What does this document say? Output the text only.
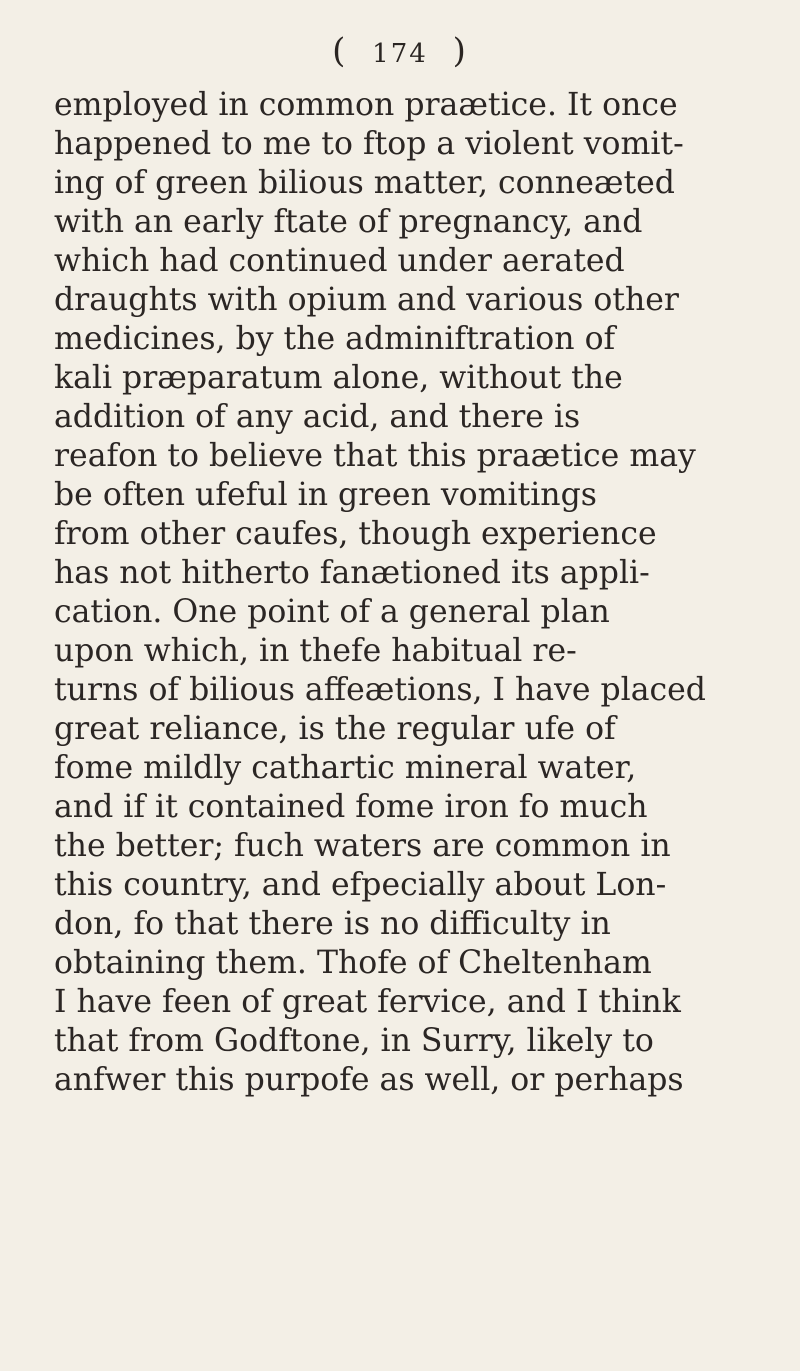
( 174 )
employed in common praætice. It once
happened to me to ftop a violent vomit-
ing of green bilious matter, conneæted
with an early ftate of pregnancy, and
which had continued under aerated
draughts with opium and various other
medicines, by the adminiftration of
kali præparatum alone, without the
addition of any acid, and there is
reafon to believe that this praætice may
be often ufeful in green vomitings
from other caufes, though experience
has not hitherto fanætioned its appli-
cation. One point of a general plan
upon which, in thefe habitual re-
turns of bilious affeætions, I have placed
great reliance, is the regular ufe of
fome mildly cathartic mineral water,
and if it contained fome iron fo much
the better; fuch waters are common in
this country, and efpecially about Lon-
don, fo that there is no difficulty in
obtaining them. Thofe of Cheltenham
I have feen of great fervice, and I think
that from Godftone, in Surry, likely to
anfwer this purpofe as well, or perhaps
